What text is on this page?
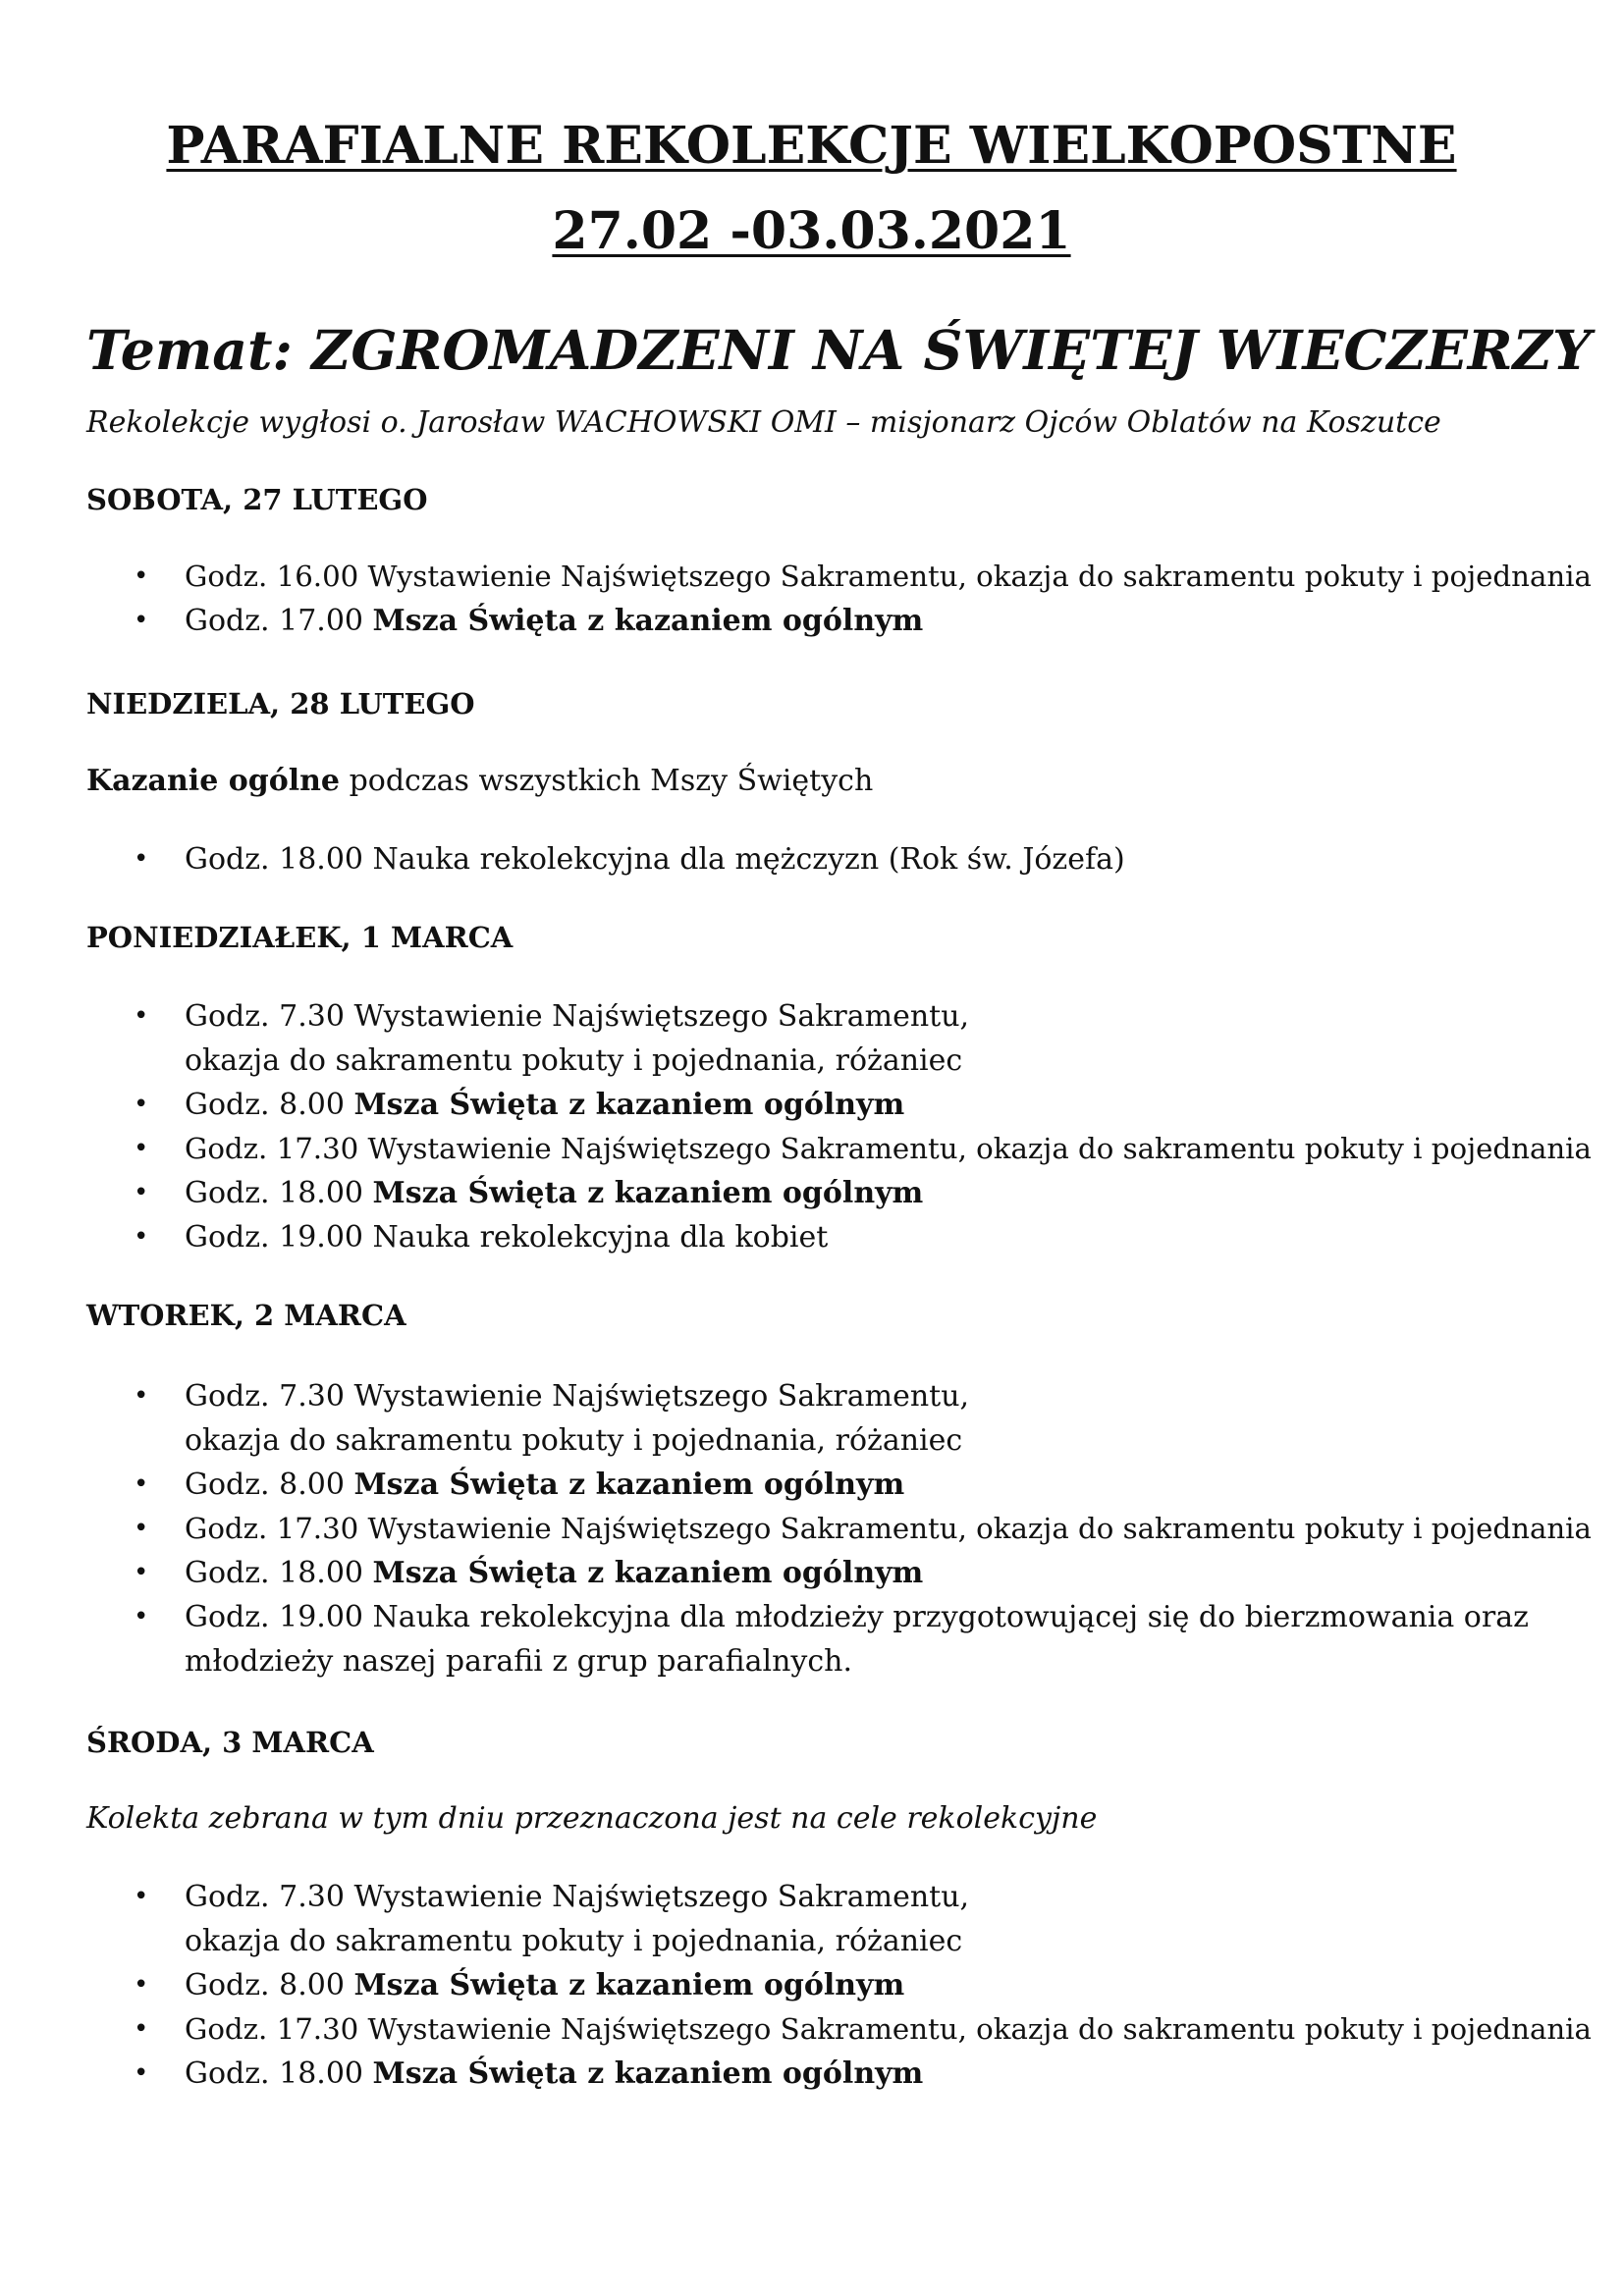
PARAFIALNE REKOLEKCJE WIELKOPOSTNE
27.02 -03.03.2021
Temat: ZGROMADZENI NA ŚWIĘTEJ WIECZERZY
Rekolekcje wygłosi o. Jarosław WACHOWSKI OMI – misjonarz Ojców Oblatów na Koszutce
SOBOTA, 27 LUTEGO
• Godz. 16.00 Wystawienie Najświętszego Sakramentu, okazja do sakramentu pokuty i pojednania
• Godz. 17.00 Msza Święta z kazaniem ogólnym
NIEDZIELA, 28 LUTEGO
Kazanie ogólne podczas wszystkich Mszy Świętych
• Godz. 18.00 Nauka rekolekcyjna dla mężczyzn (Rok św. Józefa)
PONIEDZIAŁEK, 1 MARCA
• Godz. 7.30 Wystawienie Najświętszego Sakramentu,
okazja do sakramentu pokuty i pojednania, różaniec
• Godz. 8.00 Msza Święta z kazaniem ogólnym
• Godz. 17.30 Wystawienie Najświętszego Sakramentu, okazja do sakramentu pokuty i pojednania
• Godz. 18.00 Msza Święta z kazaniem ogólnym
• Godz. 19.00 Nauka rekolekcyjna dla kobiet
WTOREK, 2 MARCA
• Godz. 7.30 Wystawienie Najświętszego Sakramentu,
okazja do sakramentu pokuty i pojednania, różaniec
• Godz. 8.00 Msza Święta z kazaniem ogólnym
• Godz. 17.30 Wystawienie Najświętszego Sakramentu, okazja do sakramentu pokuty i pojednania
• Godz. 18.00 Msza Święta z kazaniem ogólnym
• Godz. 19.00 Nauka rekolekcyjna dla młodzieży przygotowującej się do bierzmowania oraz
młodzieży naszej parafii z grup parafialnych.
ŚRODA, 3 MARCA
Kolekta zebrana w tym dniu przeznaczona jest na cele rekolekcyjne
• Godz. 7.30 Wystawienie Najświętszego Sakramentu,
okazja do sakramentu pokuty i pojednania, różaniec
• Godz. 8.00 Msza Święta z kazaniem ogólnym
• Godz. 17.30 Wystawienie Najświętszego Sakramentu, okazja do sakramentu pokuty i pojednania
• Godz. 18.00 Msza Święta z kazaniem ogólnym
